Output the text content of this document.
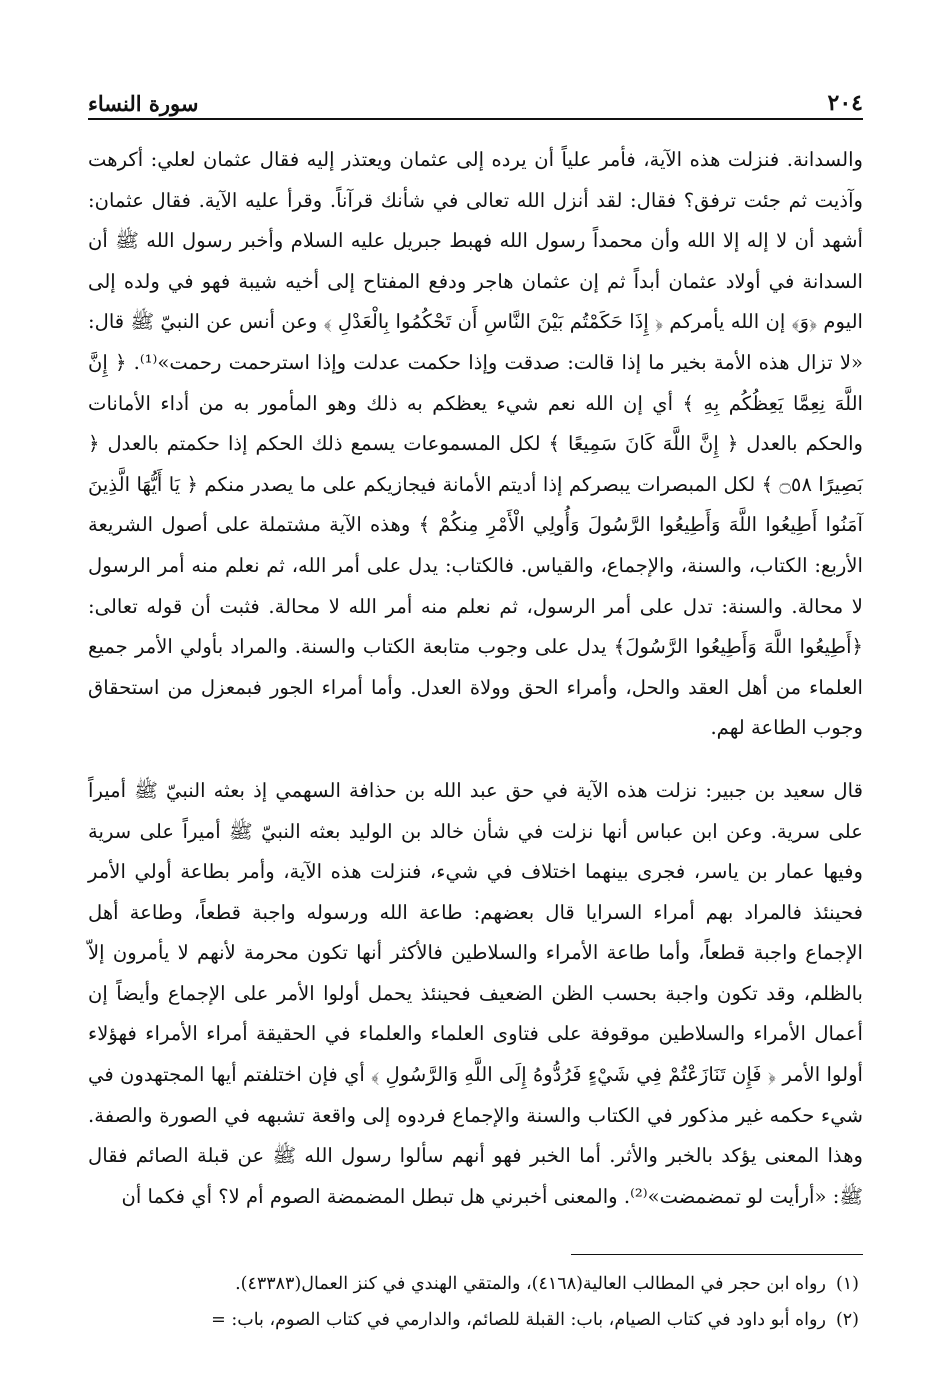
٢٠٤
سورة النساء

والسدانة. فنزلت هذه الآية، فأمر علياً أن يرده إلى عثمان ويعتذر إليه فقال عثمان لعلي: أكرهت وآذيت ثم جئت ترفق؟ فقال: لقد أنزل الله تعالى في شأنك قرآناً. وقرأ عليه الآية. فقال عثمان: أشهد أن لا إله إلا الله وأن محمداً رسول الله فهبط جبريل عليه السلام وأخبر رسول الله ﷺ أن السدانة في أولاد عثمان أبداً ثم إن عثمان هاجر ودفع المفتاح إلى أخيه شيبة فهو في ولده إلى اليوم ﴿وَ﴾ إن الله يأمركم ﴿ إِذَا حَكَمْتُم بَيْنَ النَّاسِ أَن تَحْكُمُوا بِالْعَدْلِ ﴾ وعن أنس عن النبيّ ﷺ قال: «لا تزال هذه الأمة بخير ما إذا قالت: صدقت وإذا حكمت عدلت وإذا استرحمت رحمت»⁽¹⁾. ﴿ إِنَّ اللَّهَ نِعِمَّا يَعِظُكُم بِهِ ﴾ أي إن الله نعم شيء يعظكم به ذلك وهو المأمور به من أداء الأمانات والحكم بالعدل ﴿ إِنَّ اللَّهَ كَانَ سَمِيعًا ﴾ لكل المسموعات يسمع ذلك الحكم إذا حكمتم بالعدل ﴿ بَصِيرًا ۝٥٨ ﴾ لكل المبصرات يبصركم إذا أديتم الأمانة فيجازيكم على ما يصدر منكم ﴿ يَا أَيُّهَا الَّذِينَ آمَنُوا أَطِيعُوا اللَّهَ وَأَطِيعُوا الرَّسُولَ وَأُولِي الْأَمْرِ مِنكُمْ ﴾ وهذه الآية مشتملة على أصول الشريعة الأربع: الكتاب، والسنة، والإجماع، والقياس. فالكتاب: يدل على أمر الله، ثم نعلم منه أمر الرسول لا محالة. والسنة: تدل على أمر الرسول، ثم نعلم منه أمر الله لا محالة. فثبت أن قوله تعالى: ﴿أَطِيعُوا اللَّهَ وَأَطِيعُوا الرَّسُولَ﴾ يدل على وجوب متابعة الكتاب والسنة. والمراد بأولي الأمر جميع العلماء من أهل العقد والحل، وأمراء الحق وولاة العدل. وأما أمراء الجور فبمعزل من استحقاق وجوب الطاعة لهم.

قال سعيد بن جبير: نزلت هذه الآية في حق عبد الله بن حذافة السهمي إذ بعثه النبيّ ﷺ أميراً على سرية. وعن ابن عباس أنها نزلت في شأن خالد بن الوليد بعثه النبيّ ﷺ أميراً على سرية وفيها عمار بن ياسر، فجرى بينهما اختلاف في شيء، فنزلت هذه الآية، وأمر بطاعة أولي الأمر فحينئذ فالمراد بهم أمراء السرايا قال بعضهم: طاعة الله ورسوله واجبة قطعاً، وطاعة أهل الإجماع واجبة قطعاً، وأما طاعة الأمراء والسلاطين فالأكثر أنها تكون محرمة لأنهم لا يأمرون إلاّ بالظلم، وقد تكون واجبة بحسب الظن الضعيف فحينئذ يحمل أولوا الأمر على الإجماع وأيضاً إن أعمال الأمراء والسلاطين موقوفة على فتاوى العلماء والعلماء في الحقيقة أمراء الأمراء فهؤلاء أولوا الأمر ﴿ فَإِن تَنَازَعْتُمْ فِي شَيْءٍ فَرُدُّوهُ إِلَى اللَّهِ وَالرَّسُولِ ﴾ أي فإن اختلفتم أيها المجتهدون في شيء حكمه غير مذكور في الكتاب والسنة والإجماع فردوه إلى واقعة تشبهه في الصورة والصفة. وهذا المعنى يؤكد بالخبر والأثر. أما الخبر فهو أنهم سألوا رسول الله ﷺ عن قبلة الصائم فقال ﷺ: «أرأيت لو تمضمضت»⁽²⁾. والمعنى أخبرني هل تبطل المضمضة الصوم أم لا؟ أي فكما أن

(١)رواه ابن حجر في المطالب العالية(٤١٦٨)، والمتقي الهندي في كنز العمال(٤٣٣٨٣).

(٢)رواه أبو داود في كتاب الصيام، باب: القبلة للصائم، والدارمي في كتاب الصوم، باب: =
